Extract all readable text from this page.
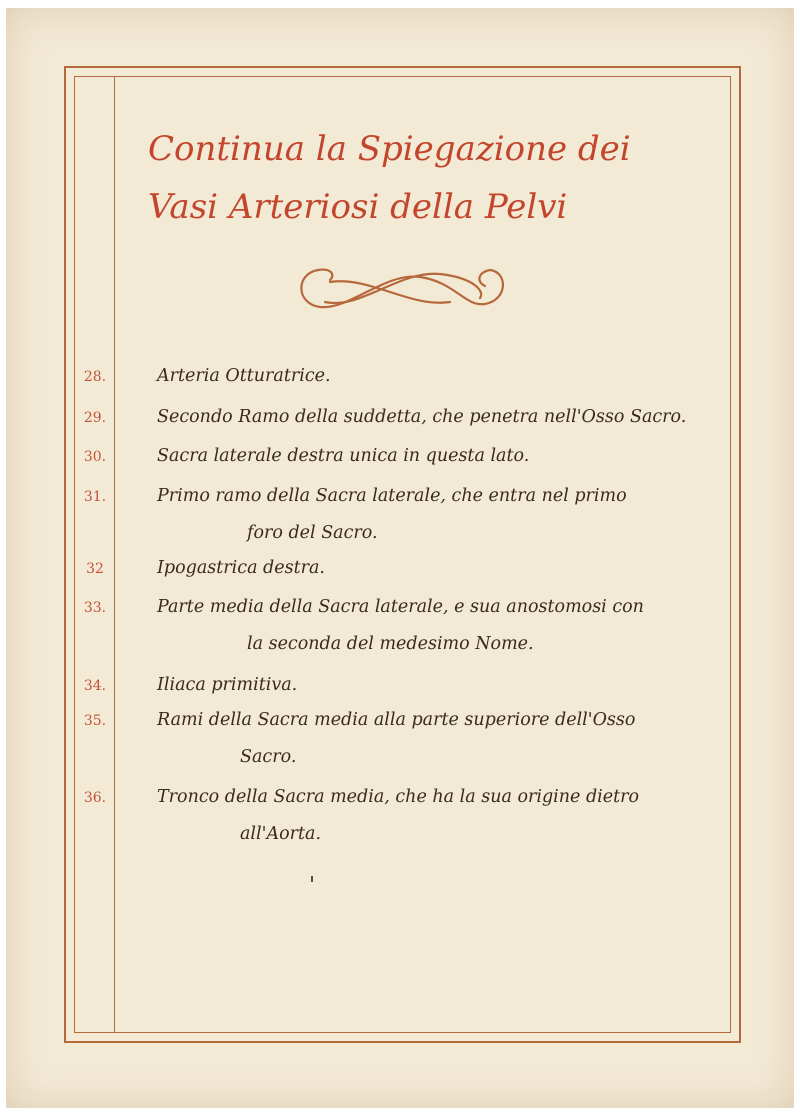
Continua la Spiegazione dei Vasi Arteriosi della Pelvi
28.	Arteria Otturatrice.
29.	Secondo Ramo della suddetta, che penetra nell'Osso Sacro.
30.	Sacra laterale destra unica in questa lato.
31.	Primo ramo della Sacra laterale, che entra nel primo
foro del Sacro.
32	Ipogastrica destra.
33.	Parte media della Sacra laterale, e sua anostomosi con
la seconda del medesimo Nome.
34.	Iliaca primitiva.
35.	Rami della Sacra media alla parte superiore dell'Osso
Sacro.
36.	Tronco della Sacra media, che ha la sua origine dietro
all'Aorta.
